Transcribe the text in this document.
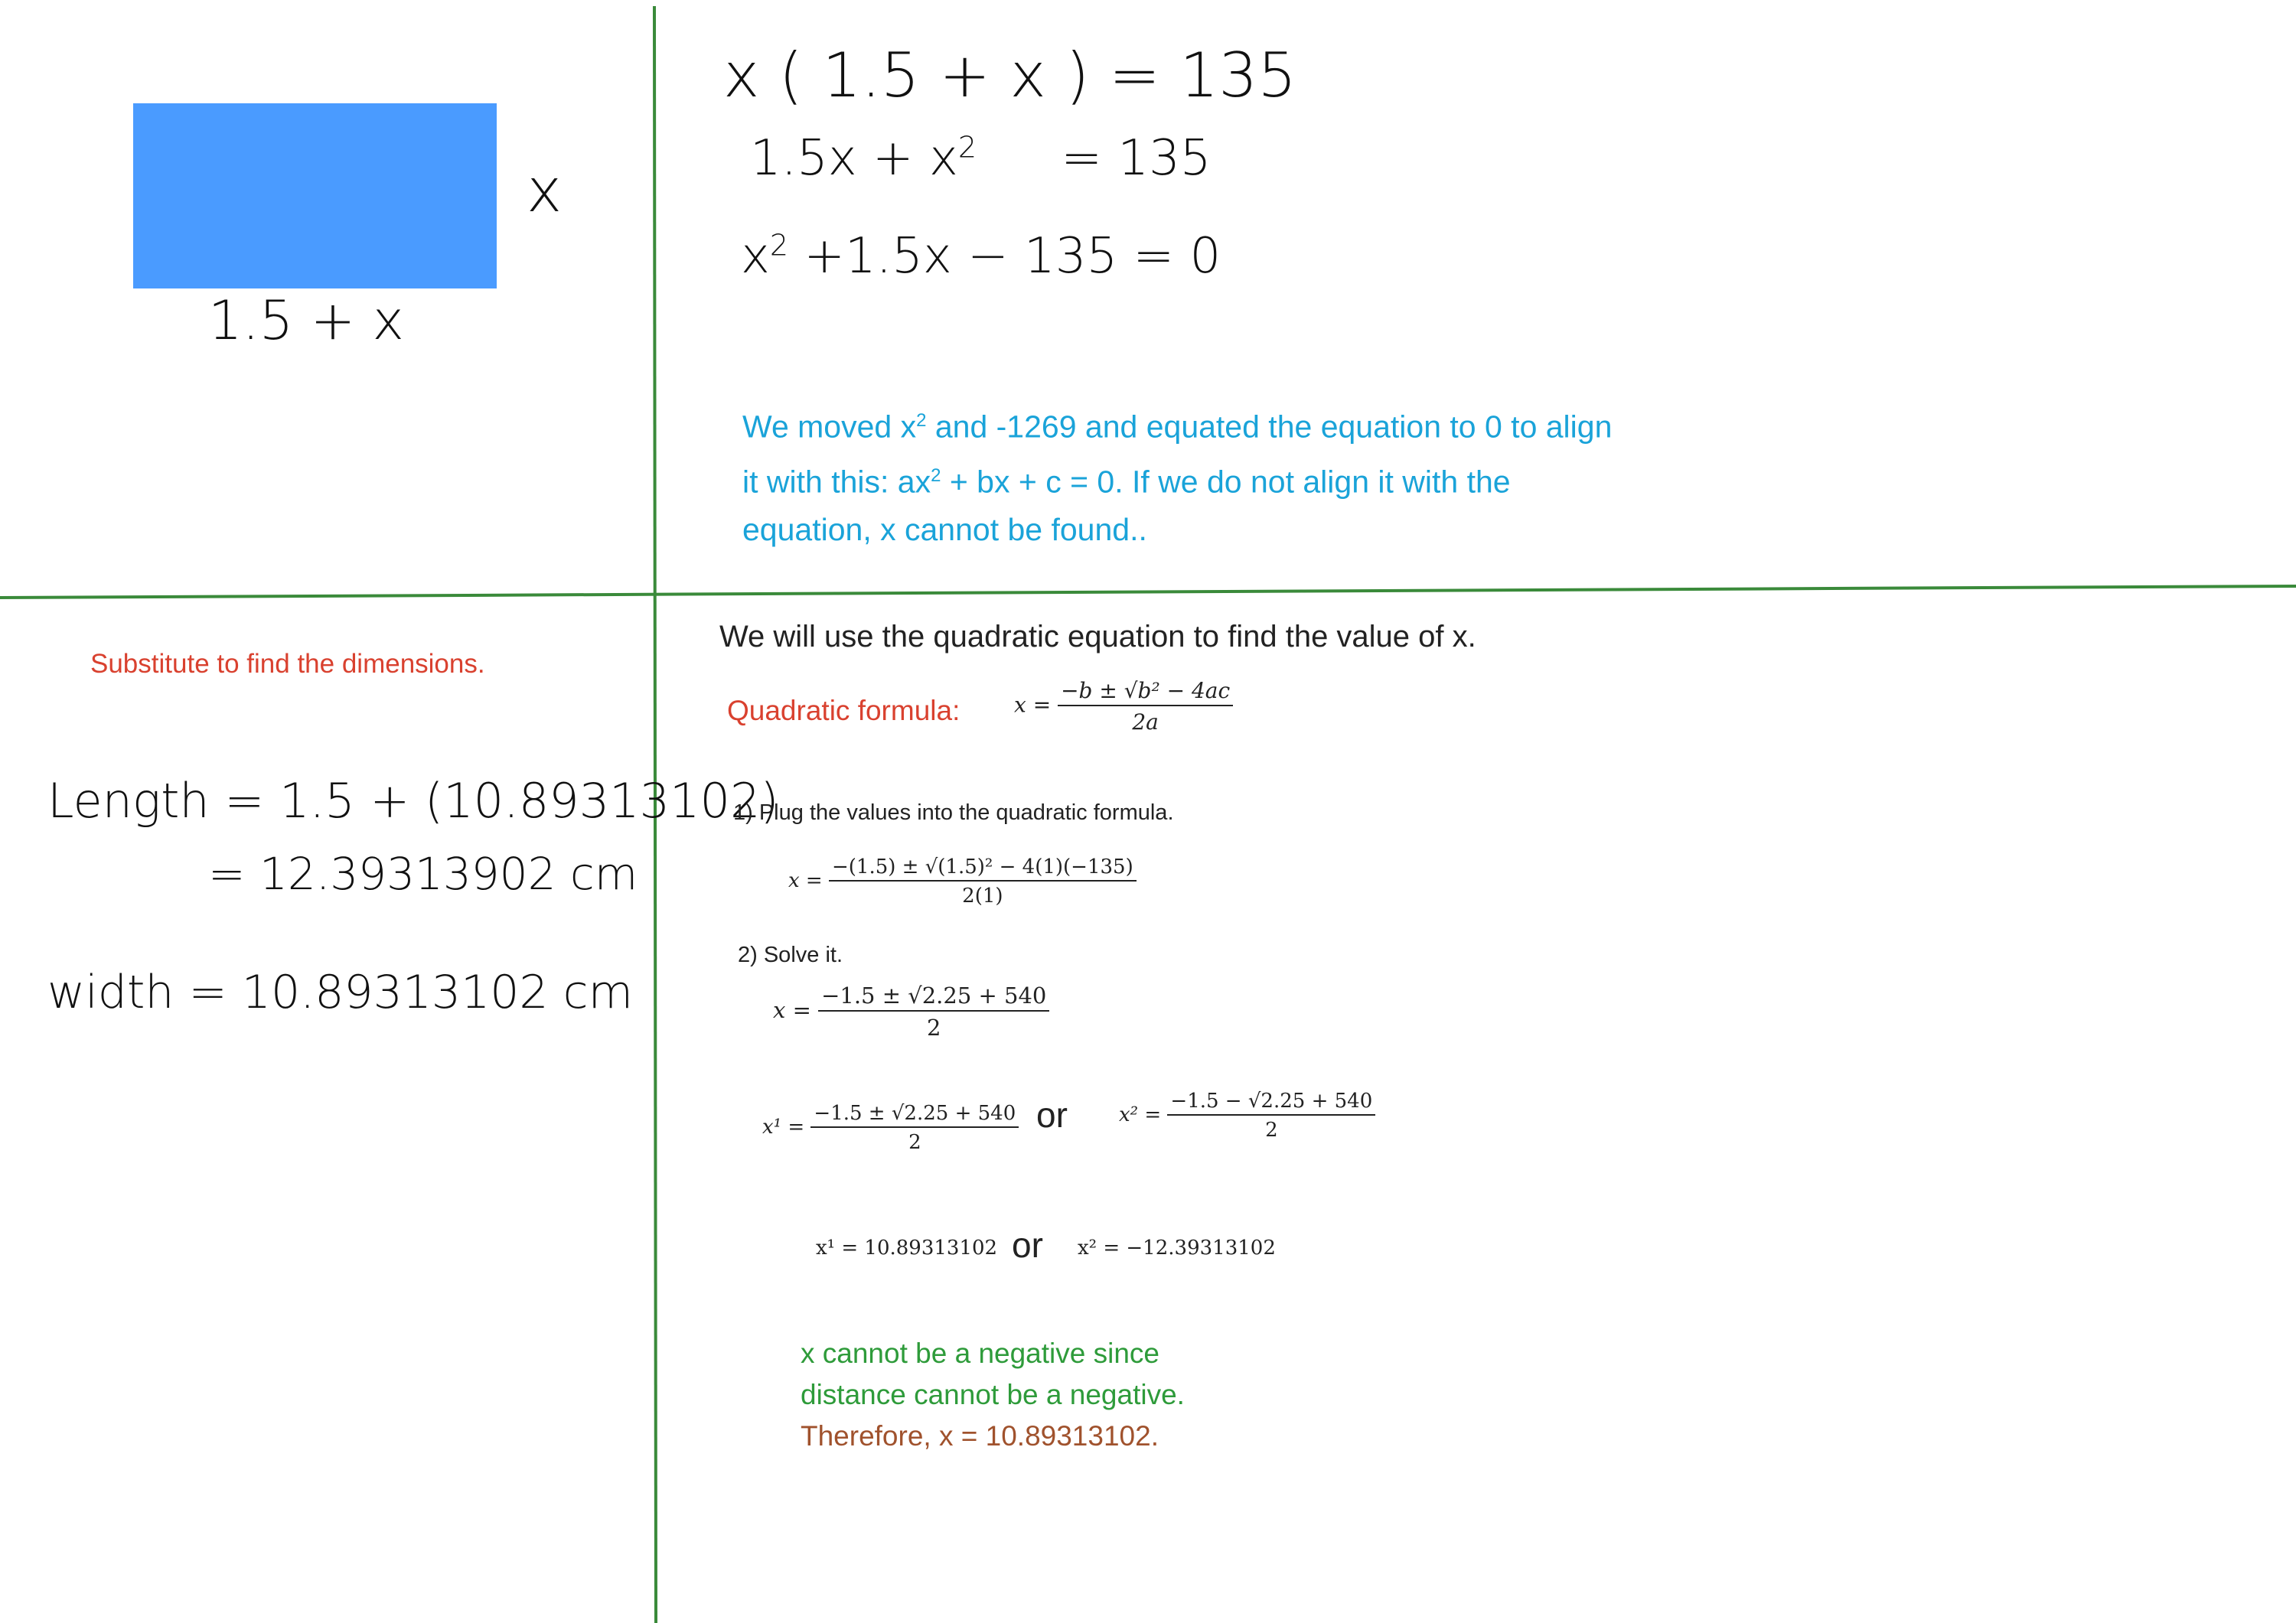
x
1.5 + x
x ( 1.5 + x ) = 135
$1.5x + x^2 = 135$
$x^2 +1.5x - 135 = 0$
We moved $x^2$ and -1269 and equated the equation to 0 to align
it with this: $ax^2$ + bx + c = 0. If we do not align it with the
equation, x cannot be found..
Substitute to find the dimensions.
Length = 1.5 + (10.89313102)
= 12.39313902 cm
width = 10.89313102 cm
We will use the quadratic equation to find the value of x.
Quadratic formula:	$x = \frac{\text{−b ± √b² − 4ac}}{2a}$
1) Plug the values into the quadratic formula.
$x = \frac{\text{−(1.5) ± √(1.5)² − 4(1)(−135)}}{2(1)}$
2) Solve it.
$x = \frac{-1.5 \pm √2.25 + 540}{2}$
$x^1 = \frac{-1.5 \pm √2.25 + 540}{2}$ or	$x^2 = \frac{-1.5 - √2.25 + 540}{2}$
x¹ = 10.89313102 or x² = −12.39313102
x cannot be a negative since
distance cannot be a negative.
Therefore, x = 10.89313102.
